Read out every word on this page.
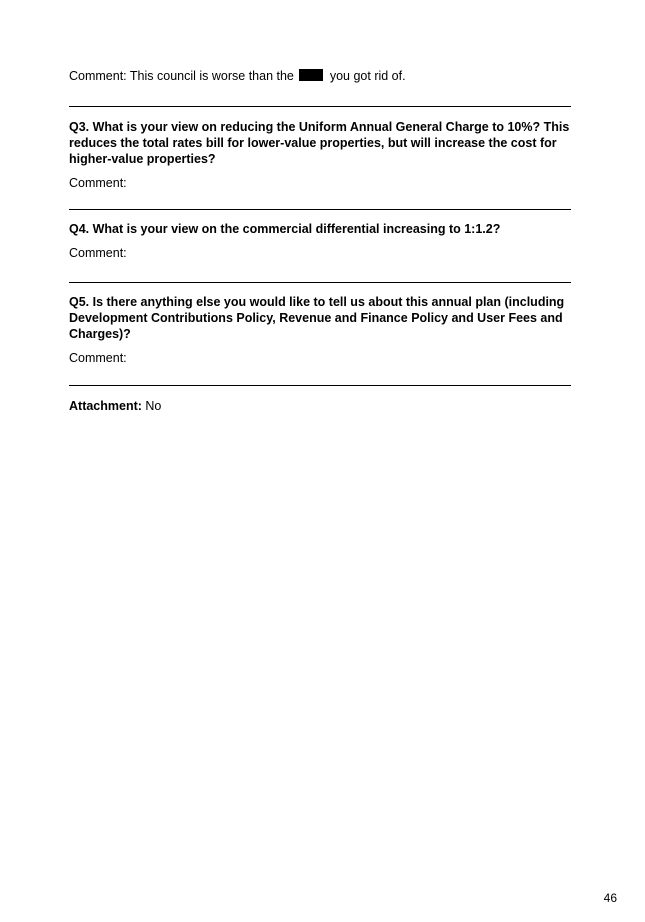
Comment: This council is worse than the	you got rid of.

Q3. What is your view on reducing the Uniform Annual General Charge to 10%? This reduces the total rates bill for lower-value properties, but will increase the cost for higher-value properties?

Comment:

Q4. What is your view on the commercial differential increasing to 1:1.2?

Comment:

Q5. Is there anything else you would like to tell us about this annual plan (including Development Contributions Policy, Revenue and Finance Policy and User Fees and Charges)?

Comment:

Attachment: No

46
